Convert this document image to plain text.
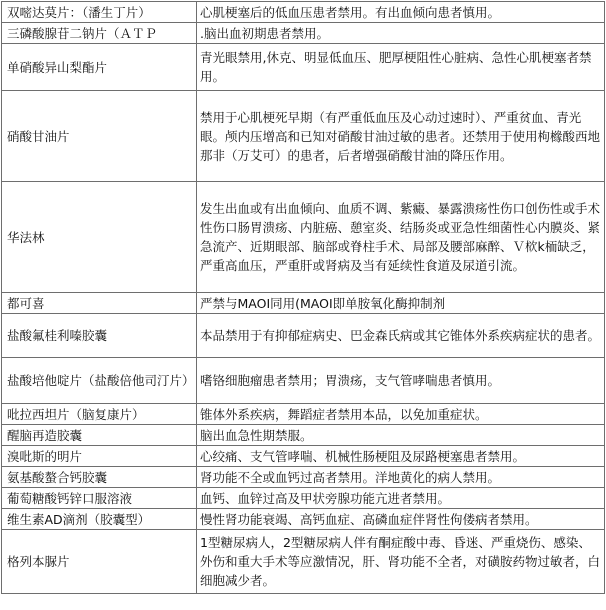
双嘧达莫片：（潘生丁片）	心肌梗塞后的低血压患者禁用。有出血倾向患者慎用。
三磷酸腺苷二钠片（ＡＴＰ	.脑出血初期患者禁用。
单硝酸异山梨酯片	青光眼禁用,休克、明显低血压、肥厚梗阻性心脏病、急性心肌梗塞者禁用。
硝酸甘油片	禁用于心肌梗死早期（有严重低血压及心动过速时）、严重贫血、青光眼。颅内压增高和已知对硝酸甘油过敏的患者。还禁用于使用枸橼酸西地那非（万艾可）的患者，后者增强硝酸甘油的降压作用。
华法林	发生出血或有出血倾向、血质不调、紫癜、暴露溃疡性伤口创伤性或手术性伤口肠胃溃疡、内脏癌、憩室炎、结肠炎或亚急性细菌性心内膜炎、紧急流产、近期眼部、脑部或脊柱手术、局部及腰部麻醉、Ｖ栨k栭缺乏，严重高血压，严重肝或肾病及当有延续性食道及尿道引流。
都可喜	严禁与MAOI同用(MAOI即单胺氧化酶抑制剂
盐酸氟桂利嗪胶囊	本品禁用于有抑郁症病史、巴金森氏病或其它锥体外系疾病症状的患者。
盐酸培他啶片（盐酸倍他司汀片）	嗜铬细胞瘤患者禁用；胃溃疡，支气管哮喘患者慎用。
吡拉西坦片（脑复康片）	锥体外系疾病，舞蹈症者禁用本品，以免加重症状。
醒脑再造胶囊	脑出血急性期禁服。
溴吡斯的明片	心绞痛、支气管哮喘、机械性肠梗阻及尿路梗塞患者禁用。
氨基酸螯合钙胶囊	肾功能不全或血钙过高者禁用。洋地黄化的病人禁用。
葡萄糖酸钙锌口服溶液	血钙、血锌过高及甲状旁腺功能亢进者禁用。
维生素AD滴剂（胶囊型）	慢性肾功能衰竭、高钙血症、高磷血症伴肾性佝偻病者禁用。
格列本脲片	1型糖尿病人，2型糖尿病人伴有酮症酸中毒、昏迷、严重烧伤、感染、外伤和重大手术等应激情况，肝、肾功能不全者，对磺胺药物过敏者，白细胞减少者。
